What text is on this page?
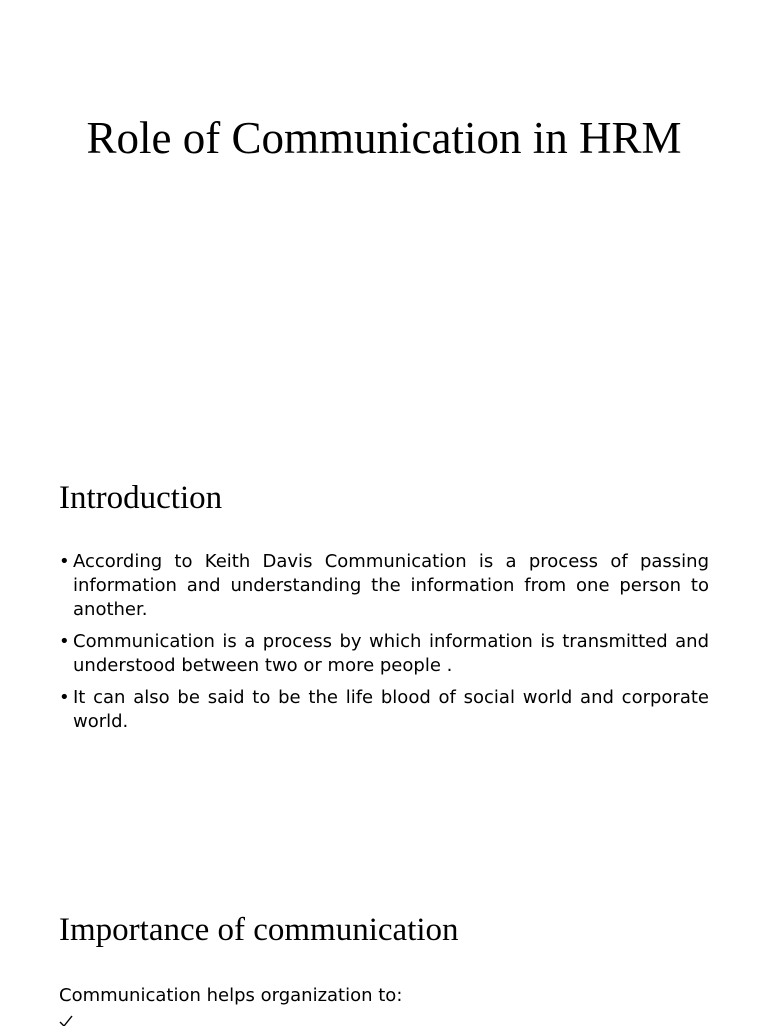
Role of Communication in HRM
Introduction
• According to Keith Davis Communication is a process of passing information and understanding the information from one person to another.
• Communication is a process by which information is transmitted and understood between two or more people .
• It can also be said to be the life blood of social world and corporate world.
Importance of communication

Communication helps organization to:
